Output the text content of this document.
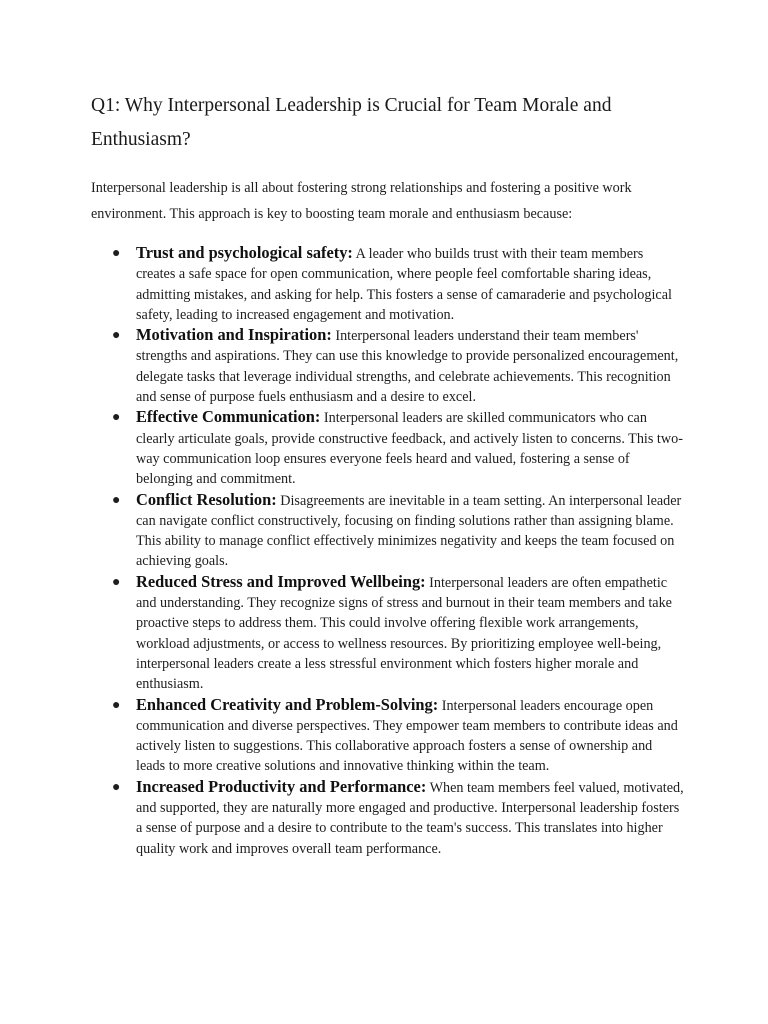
Q1: Why Interpersonal Leadership is Crucial for Team Morale and Enthusiasm?

Interpersonal leadership is all about fostering strong relationships and fostering a positive work environment. This approach is key to boosting team morale and enthusiasm because:

● Trust and psychological safety: A leader who builds trust with their team members creates a safe space for open communication, where people feel comfortable sharing ideas, admitting mistakes, and asking for help. This fosters a sense of camaraderie and psychological safety, leading to increased engagement and motivation.
● Motivation and Inspiration: Interpersonal leaders understand their team members' strengths and aspirations. They can use this knowledge to provide personalized encouragement, delegate tasks that leverage individual strengths, and celebrate achievements. This recognition and sense of purpose fuels enthusiasm and a desire to excel.
● Effective Communication: Interpersonal leaders are skilled communicators who can clearly articulate goals, provide constructive feedback, and actively listen to concerns. This two-way communication loop ensures everyone feels heard and valued, fostering a sense of belonging and commitment.
● Conflict Resolution: Disagreements are inevitable in a team setting. An interpersonal leader can navigate conflict constructively, focusing on finding solutions rather than assigning blame. This ability to manage conflict effectively minimizes negativity and keeps the team focused on achieving goals.
● Reduced Stress and Improved Wellbeing: Interpersonal leaders are often empathetic and understanding. They recognize signs of stress and burnout in their team members and take proactive steps to address them. This could involve offering flexible work arrangements, workload adjustments, or access to wellness resources. By prioritizing employee well-being, interpersonal leaders create a less stressful environment which fosters higher morale and enthusiasm.
● Enhanced Creativity and Problem-Solving: Interpersonal leaders encourage open communication and diverse perspectives. They empower team members to contribute ideas and actively listen to suggestions. This collaborative approach fosters a sense of ownership and leads to more creative solutions and innovative thinking within the team.
● Increased Productivity and Performance: When team members feel valued, motivated, and supported, they are naturally more engaged and productive. Interpersonal leadership fosters a sense of purpose and a desire to contribute to the team's success. This translates into higher quality work and improves overall team performance.
